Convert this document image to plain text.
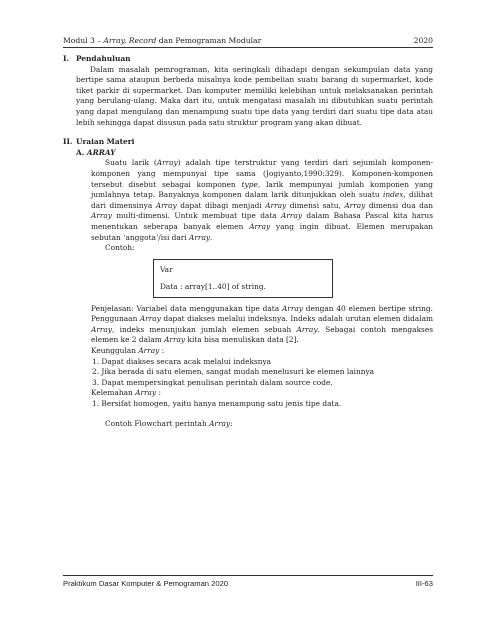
Modul 3 – Array, Record dan Pemograman Modular	2020
I. Pendahuluan

Dalam masalah pemrograman, kita seringkali dihadapi dengan sekumpulan data yang bertipe sama ataupun berbeda misalnya kode pembelian suatu barang di supermarket, kode tiket parkir di supermarket. Dan komputer memiliki kelebihan untuk melaksanakan perintah yang berulang-ulang. Maka dari itu, untuk mengatasi masalah ini dibutuhkan suatu perintah yang dapat mengulang dan menampung suatu tipe data yang terdiri dari suatu tipe data atau lebih sehingga dapat disusun pada satu struktur program yang akan dibuat.

II. Uraian Materi
A. ARRAY

Suatu larik (Array) adalah tipe terstruktur yang terdiri dari sejumlah komponen-komponen yang mempunyai tipe sama (Jogiyanto,1990:329). Komponen-komponen tersebut disebut sebagai komponen type, larik mempunyai jumlah komponen yang jumlahnya tetap. Banyaknya komponen dalam larik ditunjukkan oleh suatu index, dilihat dari dimensinya Array dapat dibagi menjadi Array dimensi satu, Array dimensi dua dan Array multi-dimensi. Untuk membuat tipe data Array dalam Bahasa Pascal kita harus menentukan seberapa banyak elemen Array yang ingin dibuat. Elemen merupakan sebutan ‘anggota’/isi dari Array.

Contoh:
Var
Data : array[1..40] of string.

Penjelasan: Variabel data menggunakan tipe data Array dengan 40 elemen bertipe string. Penggunaan Array dapat diakses melalui indeksnya. Indeks adalah urutan elemen didalam Array, indeks menunjukan jumlah elemen sebuah Array. Sebagai contoh mengakses elemen ke 2 dalam Array kita bisa menuliskan data [2].

Keunggulan Array :
1. Dapat diakses secara acak melalui indeksnya
2. Jika berada di satu elemen, sangat mudah menelusuri ke elemen lainnya
3. Dapat mempersingkat penulisan perintah dalam source code.
Kelemahan Array :
1. Bersifat homogen, yaitu hanya menampung satu jenis tipe data.
Contoh Flowchart perintah Array:
Praktikum Dasar Komputer & Pemograman 2020	III-63
